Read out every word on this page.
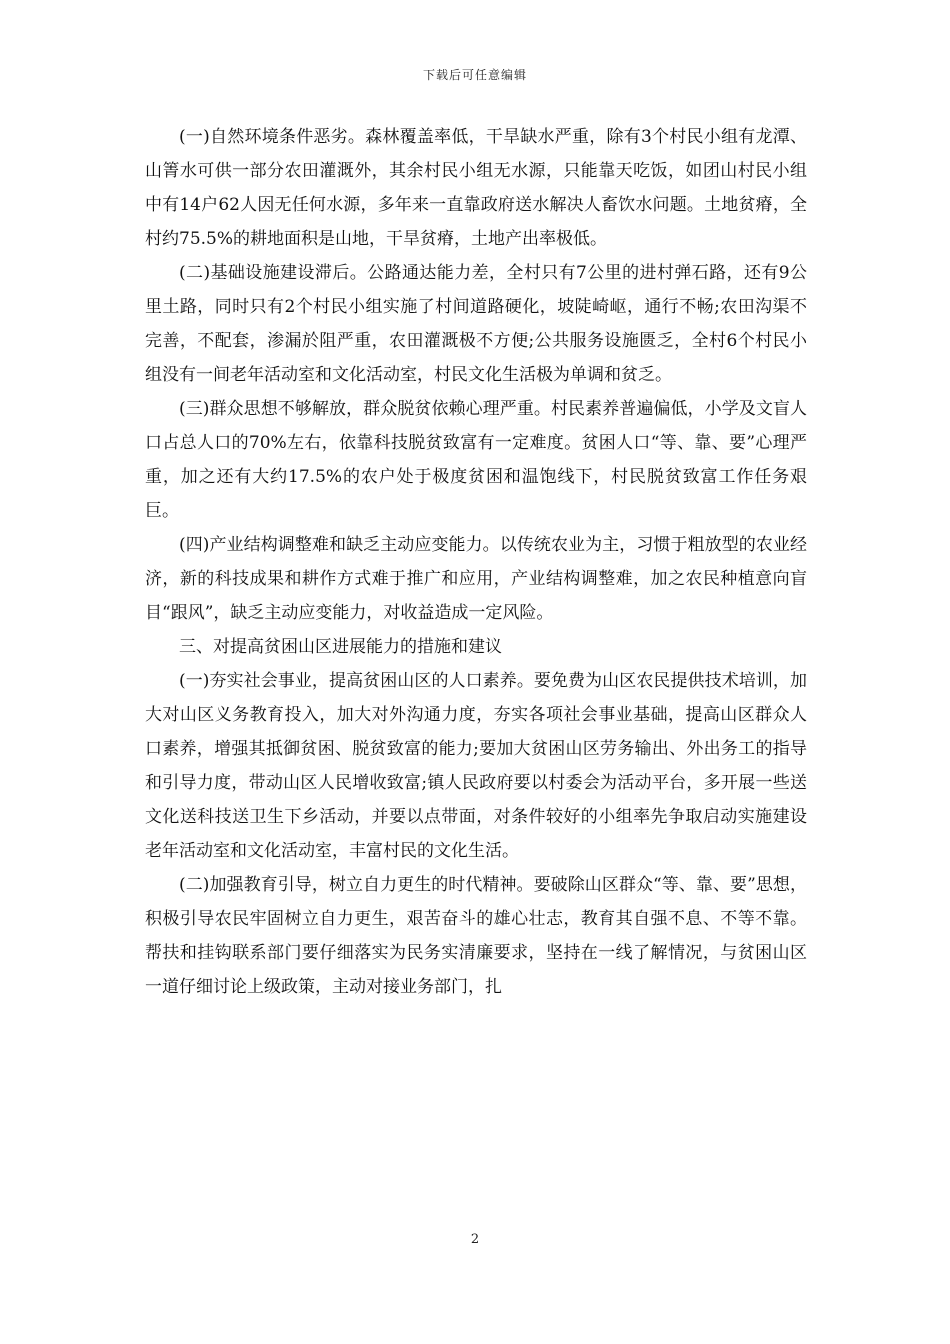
下载后可任意编辑

(一)自然环境条件恶劣。森林覆盖率低，干旱缺水严重，除有3个村民小组有龙潭、山箐水可供一部分农田灌溉外，其余村民小组无水源，只能靠天吃饭，如团山村民小组中有14户62人因无任何水源，多年来一直靠政府送水解决人畜饮水问题。土地贫瘠，全村约75.5%的耕地面积是山地，干旱贫瘠，土地产出率极低。

(二)基础设施建设滞后。公路通达能力差，全村只有7公里的进村弹石路，还有9公里土路，同时只有2个村民小组实施了村间道路硬化，坡陡崎岖，通行不畅;农田沟渠不完善，不配套，渗漏於阻严重，农田灌溉极不方便;公共服务设施匮乏，全村6个村民小组没有一间老年活动室和文化活动室，村民文化生活极为单调和贫乏。

(三)群众思想不够解放，群众脱贫依赖心理严重。村民素养普遍偏低，小学及文盲人口占总人口的70%左右，依靠科技脱贫致富有一定难度。贫困人口“等、靠、要”心理严重，加之还有大约17.5%的农户处于极度贫困和温饱线下，村民脱贫致富工作任务艰巨。

(四)产业结构调整难和缺乏主动应变能力。以传统农业为主，习惯于粗放型的农业经济，新的科技成果和耕作方式难于推广和应用，产业结构调整难，加之农民种植意向盲目“跟风”，缺乏主动应变能力，对收益造成一定风险。

三、对提高贫困山区进展能力的措施和建议

(一)夯实社会事业，提高贫困山区的人口素养。要免费为山区农民提供技术培训，加大对山区义务教育投入，加大对外沟通力度，夯实各项社会事业基础，提高山区群众人口素养，增强其抵御贫困、脱贫致富的能力;要加大贫困山区劳务输出、外出务工的指导和引导力度，带动山区人民增收致富;镇人民政府要以村委会为活动平台，多开展一些送文化送科技送卫生下乡活动，并要以点带面，对条件较好的小组率先争取启动实施建设老年活动室和文化活动室，丰富村民的文化生活。

(二)加强教育引导，树立自力更生的时代精神。要破除山区群众“等、靠、要”思想，积极引导农民牢固树立自力更生，艰苦奋斗的雄心壮志，教育其自强不息、不等不靠。帮扶和挂钩联系部门要仔细落实为民务实清廉要求，坚持在一线了解情况，与贫困山区一道仔细讨论上级政策，主动对接业务部门，扎

2
